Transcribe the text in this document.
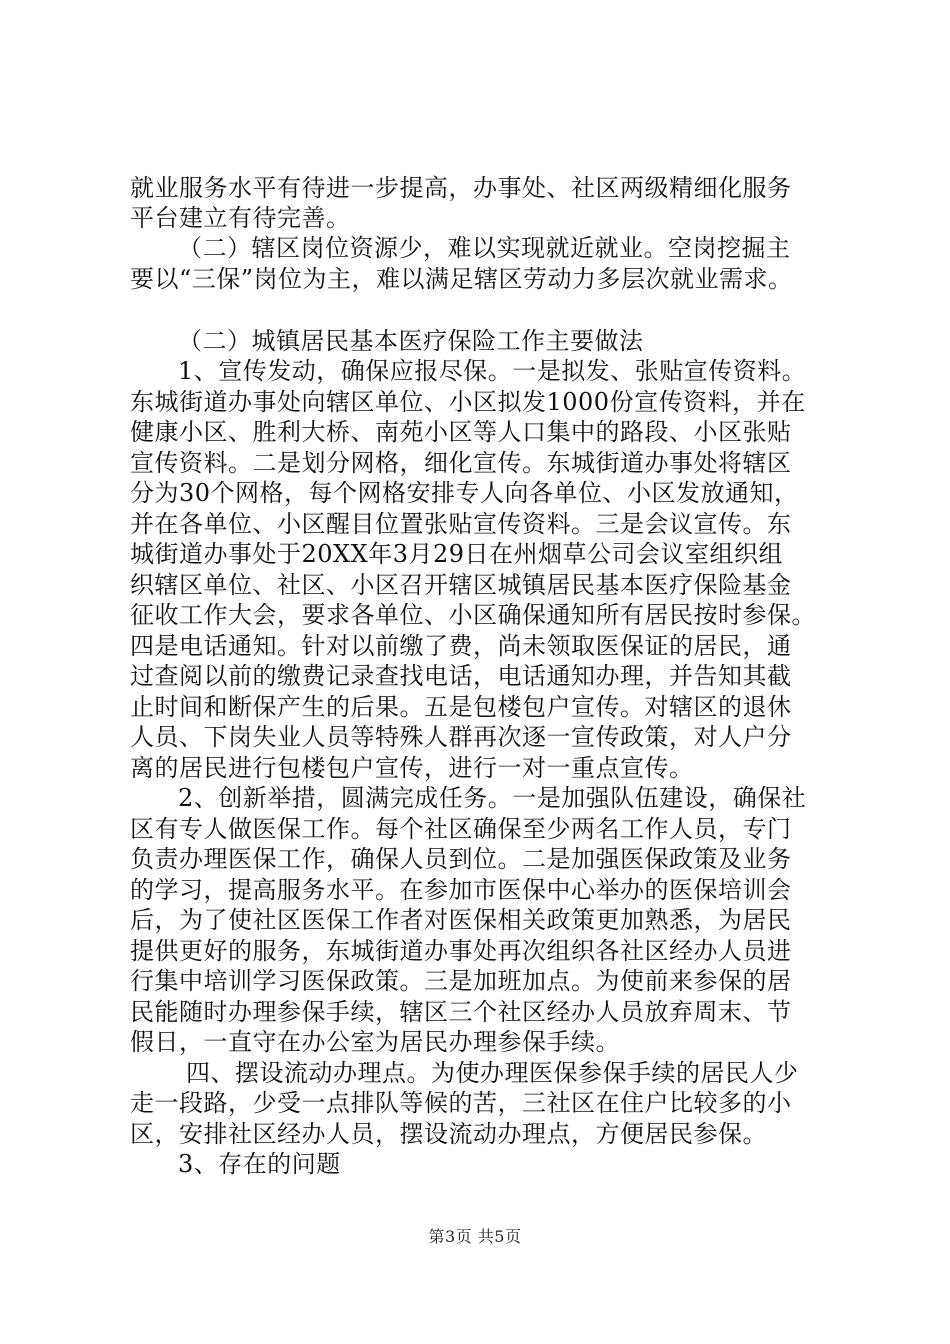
就业服务水平有待进一步提高，办事处、社区两级精细化服务
平台建立有待完善。
（二）辖区岗位资源少，难以实现就近就业。空岗挖掘主
要以“三保”岗位为主，难以满足辖区劳动力多层次就业需求。
（二）城镇居民基本医疗保险工作主要做法
1、宣传发动，确保应报尽保。一是拟发、张贴宣传资料。
东城街道办事处向辖区单位、小区拟发1000份宣传资料，并在
健康小区、胜利大桥、南苑小区等人口集中的路段、小区张贴
宣传资料。二是划分网格，细化宣传。东城街道办事处将辖区
分为30个网格，每个网格安排专人向各单位、小区发放通知，
并在各单位、小区醒目位置张贴宣传资料。三是会议宣传。东
城街道办事处于20XX年3月29日在州烟草公司会议室组织组
织辖区单位、社区、小区召开辖区城镇居民基本医疗保险基金
征收工作大会，要求各单位、小区确保通知所有居民按时参保。
四是电话通知。针对以前缴了费，尚未领取医保证的居民，通
过查阅以前的缴费记录查找电话，电话通知办理，并告知其截
止时间和断保产生的后果。五是包楼包户宣传。对辖区的退休
人员、下岗失业人员等特殊人群再次逐一宣传政策，对人户分
离的居民进行包楼包户宣传，进行一对一重点宣传。
2、创新举措，圆满完成任务。一是加强队伍建设，确保社
区有专人做医保工作。每个社区确保至少两名工作人员，专门
负责办理医保工作，确保人员到位。二是加强医保政策及业务
的学习，提高服务水平。在参加市医保中心举办的医保培训会
后，为了使社区医保工作者对医保相关政策更加熟悉，为居民
提供更好的服务，东城街道办事处再次组织各社区经办人员进
行集中培训学习医保政策。三是加班加点。为使前来参保的居
民能随时办理参保手续，辖区三个社区经办人员放弃周末、节
假日，一直守在办公室为居民办理参保手续。
四、摆设流动办理点。为使办理医保参保手续的居民人少
走一段路，少受一点排队等候的苦，三社区在住户比较多的小
区，安排社区经办人员，摆设流动办理点，方便居民参保。
3、存在的问题
第3页 共5页
